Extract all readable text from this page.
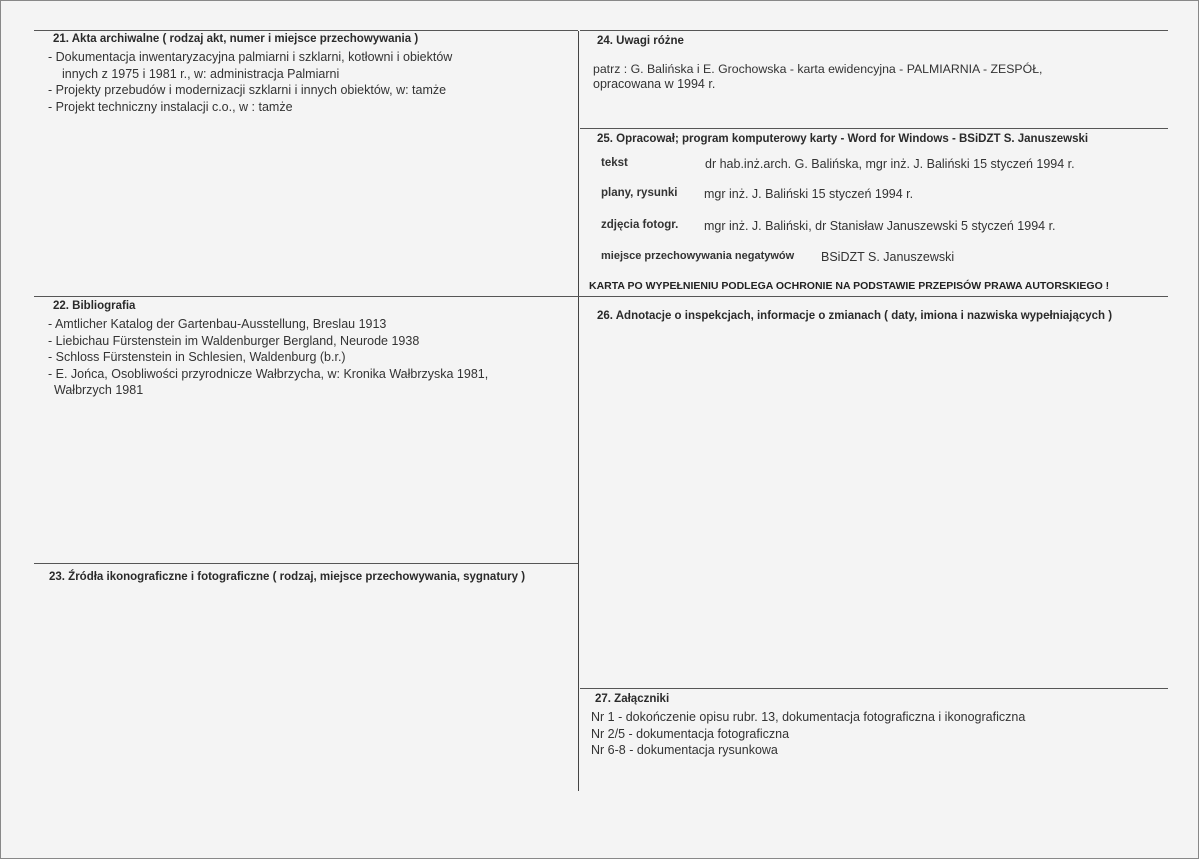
21. Akta archiwalne ( rodzaj akt, numer i miejsce przechowywania )
- Dokumentacja inwentaryzacyjna palmiarni i szklarni, kotłowni i obiektów
innych z 1975 i 1981 r., w: administracja Palmiarni
- Projekty przebudów i modernizacji szklarni i innych obiektów, w: tamże
- Projekt techniczny instalacji c.o., w : tamże
22. Bibliografia
- Amtlicher Katalog der Gartenbau-Ausstellung, Breslau 1913
- Liebichau Fürstenstein im Waldenburger Bergland, Neurode 1938
- Schloss Fürstenstein in Schlesien, Waldenburg (b.r.)
- E. Jońca, Osobliwości przyrodnicze Wałbrzycha, w: Kronika Wałbrzyska 1981,
Wałbrzych 1981
23. Źródła ikonograficzne i fotograficzne ( rodzaj, miejsce przechowywania, sygnatury )
24. Uwagi różne
patrz : G. Balińska i E. Grochowska - karta ewidencyjna - PALMIARNIA - ZESPÓŁ,
opracowana w 1994 r.
25. Opracował; program komputerowy karty - Word for Windows - BSiDZT S. Januszewski
tekst	dr hab.inż.arch. G. Balińska, mgr inż. J. Baliński 15 styczeń 1994 r.
plany, rysunki mgr inż. J. Baliński 15 styczeń 1994 r.
zdjęcia fotogr. mgr inż. J. Baliński, dr Stanisław Januszewski 5 styczeń 1994 r.
miejsce przechowywania negatywów BSiDZT S. Januszewski
KARTA PO WYPEŁNIENIU PODLEGA OCHRONIE NA PODSTAWIE PRZEPISÓW PRAWA AUTORSKIEGO !
26. Adnotacje o inspekcjach, informacje o zmianach ( daty, imiona i nazwiska wypełniających )
27. Załączniki
Nr 1 - dokończenie opisu rubr. 13, dokumentacja fotograficzna i ikonograficzna
Nr 2/5 - dokumentacja fotograficzna
Nr 6-8 - dokumentacja rysunkowa
